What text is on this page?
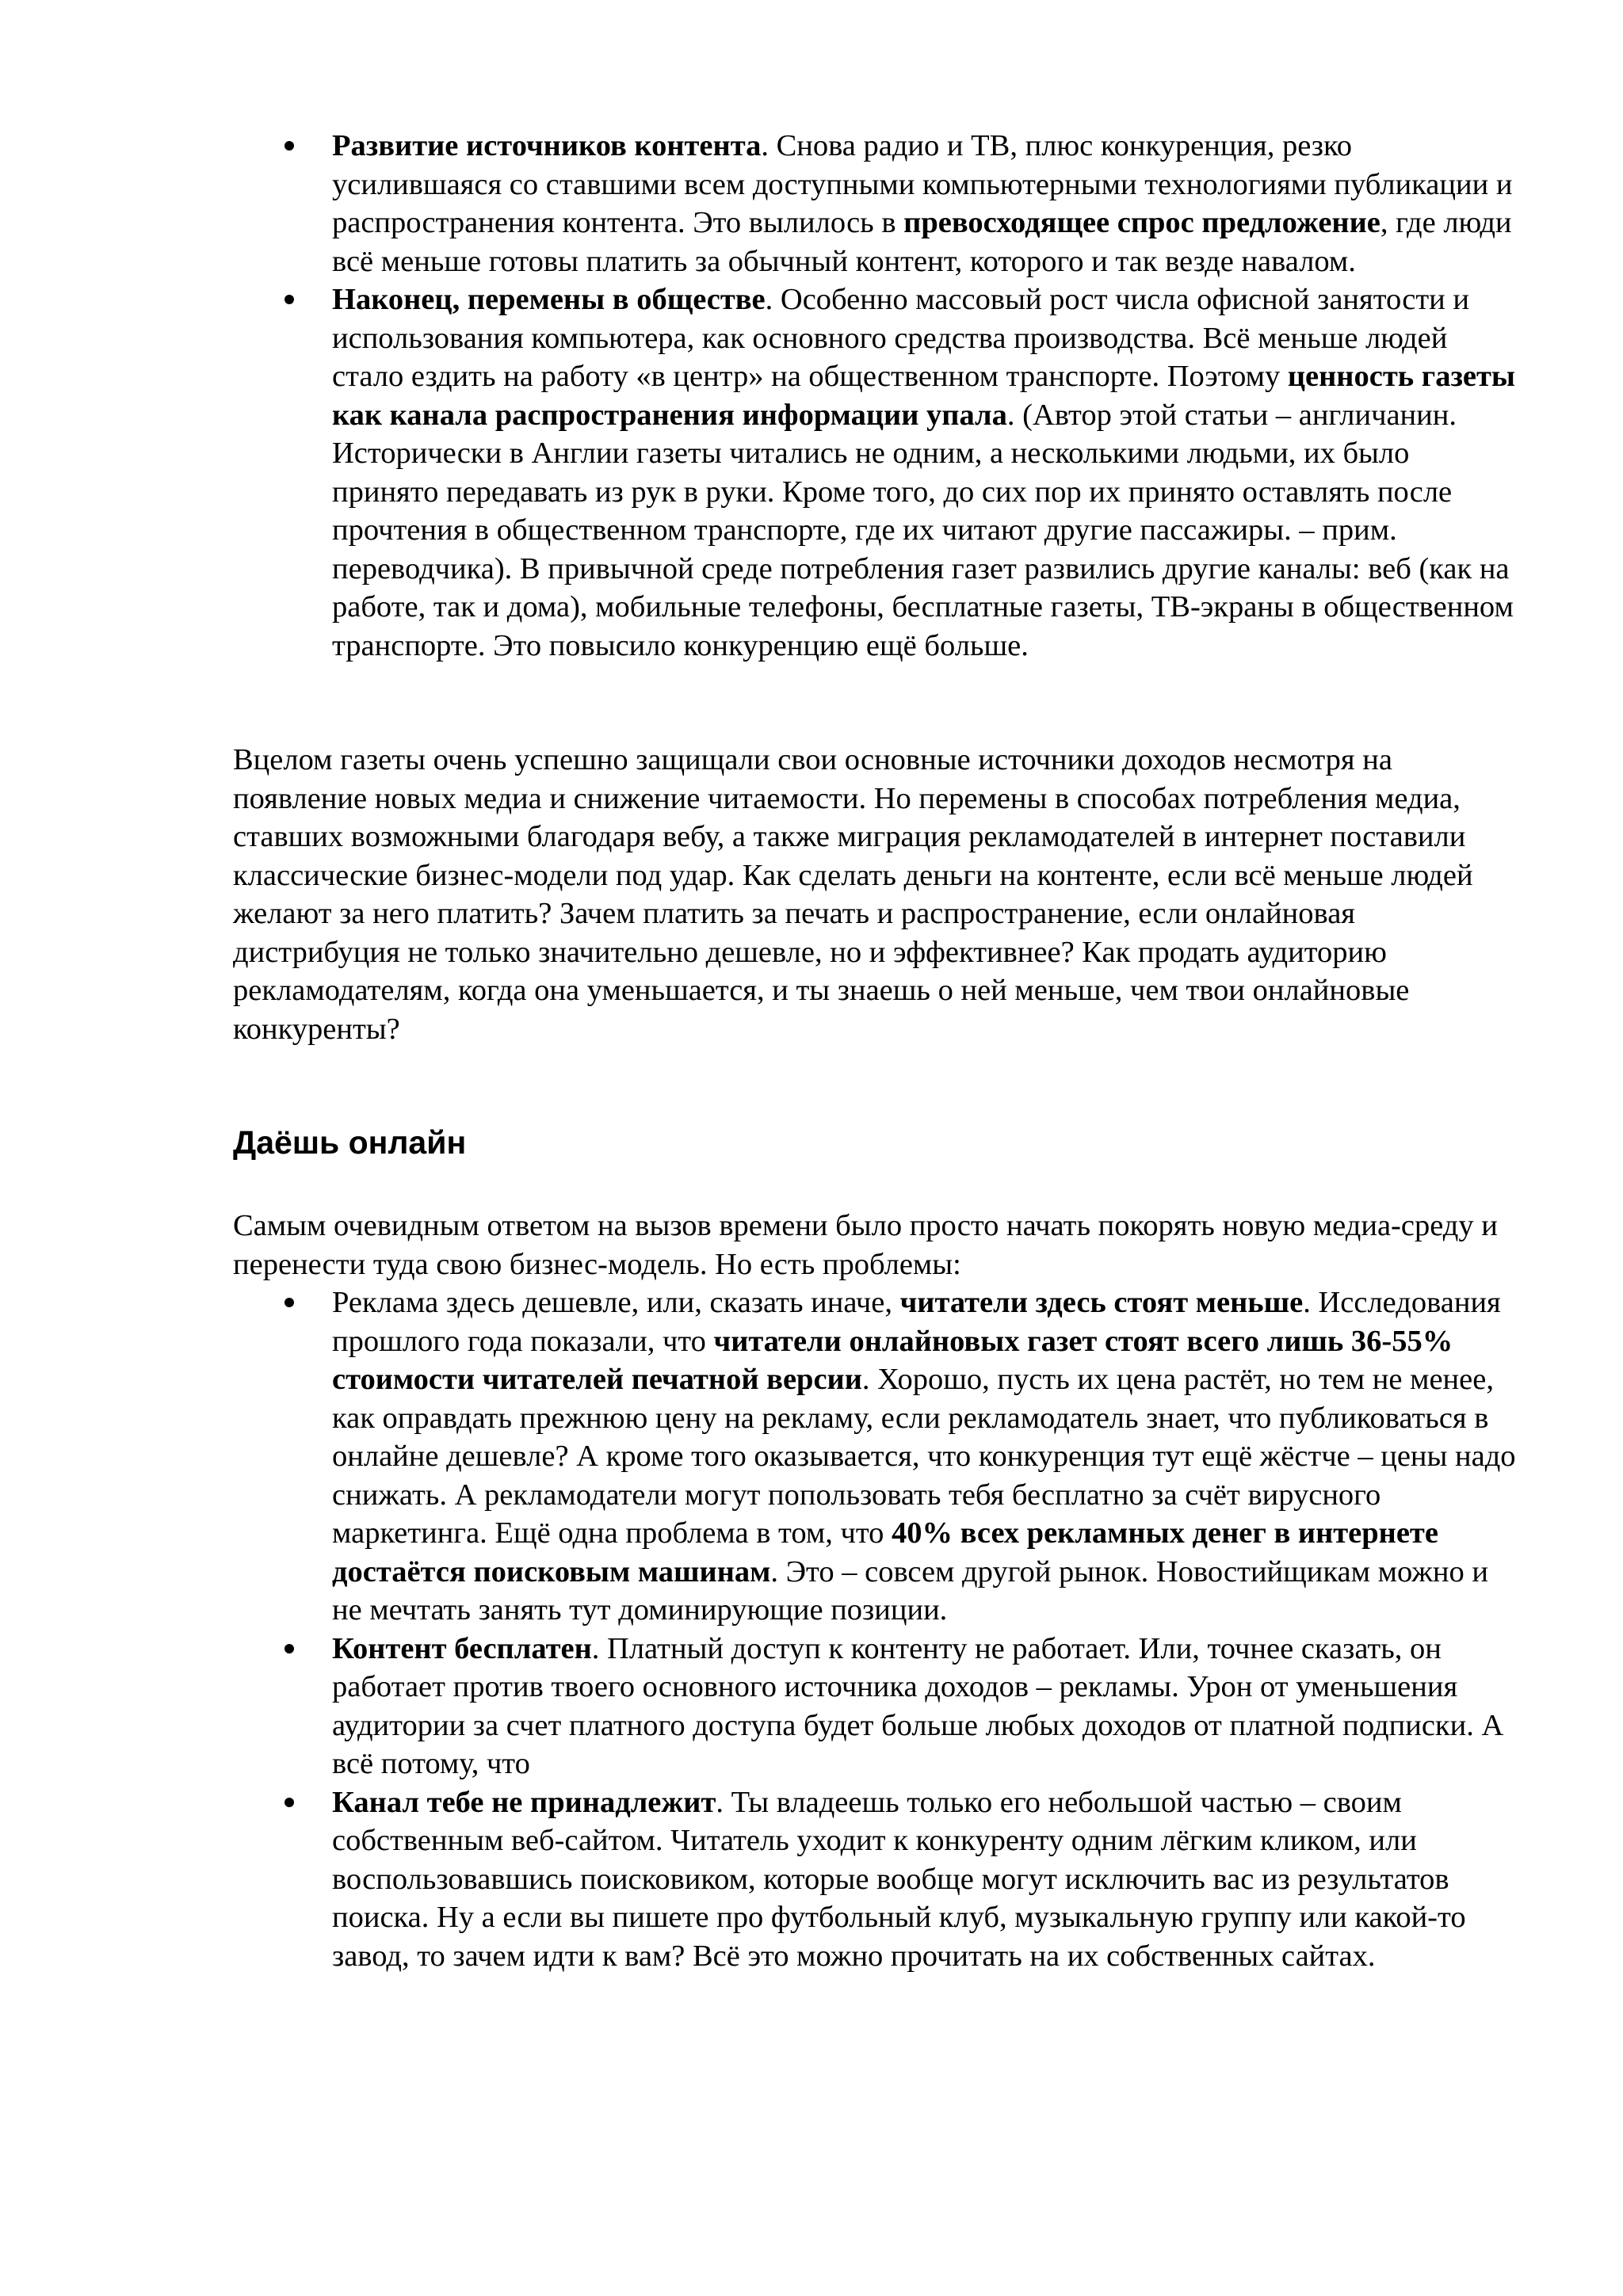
Развитие источников контента. Снова радио и ТВ, плюс конкуренция, резко усилившаяся со ставшими всем доступными компьютерными технологиями публикации и распространения контента. Это вылилось в превосходящее спрос предложение, где люди всё меньше готовы платить за обычный контент, которого и так везде навалом.
Наконец, перемены в обществе. Особенно массовый рост числа офисной занятости и использования компьютера, как основного средства производства. Всё меньше людей стало ездить на работу «в центр» на общественном транспорте. Поэтому ценность газеты как канала распространения информации упала. (Автор этой статьи – англичанин. Исторически в Англии газеты читались не одним, а несколькими людьми, их было принято передавать из рук в руки. Кроме того, до сих пор их принято оставлять после прочтения в общественном транспорте, где их читают другие пассажиры. – прим. переводчика). В привычной среде потребления газет развились другие каналы: веб (как на работе, так и дома), мобильные телефоны, бесплатные газеты, ТВ-экраны в общественном транспорте. Это повысило конкуренцию ещё больше.

Вцелом газеты очень успешно защищали свои основные источники доходов несмотря на появление новых медиа и снижение читаемости. Но перемены в способах потребления медиа, ставших возможными благодаря вебу, а также миграция рекламодателей в интернет поставили классические бизнес-модели под удар. Как сделать деньги на контенте, если всё меньше людей желают за него платить? Зачем платить за печать и распространение, если онлайновая дистрибуция не только значительно дешевле, но и эффективнее? Как продать аудиторию рекламодателям, когда она уменьшается, и ты знаешь о ней меньше, чем твои онлайновые конкуренты?

Даёшь онлайн

Самым очевидным ответом на вызов времени было просто начать покорять новую медиа-среду и перенести туда свою бизнес-модель. Но есть проблемы:

Реклама здесь дешевле, или, сказать иначе, читатели здесь стоят меньше. Исследования прошлого года показали, что читатели онлайновых газет стоят всего лишь 36-55% стоимости читателей печатной версии. Хорошо, пусть их цена растёт, но тем не менее, как оправдать прежнюю цену на рекламу, если рекламодатель знает, что публиковаться в онлайне дешевле? А кроме того оказывается, что конкуренция тут ещё жёстче – цены надо снижать. А рекламодатели могут попользовать тебя бесплатно за счёт вирусного маркетинга. Ещё одна проблема в том, что 40% всех рекламных денег в интернете достаётся поисковым машинам. Это – совсем другой рынок. Новостийщикам можно и не мечтать занять тут доминирующие позиции.
Контент бесплатен. Платный доступ к контенту не работает. Или, точнее сказать, он работает против твоего основного источника доходов – рекламы. Урон от уменьшения аудитории за счет платного доступа будет больше любых доходов от платной подписки. А всё потому, что
Канал тебе не принадлежит. Ты владеешь только его небольшой частью – своим собственным веб-сайтом. Читатель уходит к конкуренту одним лёгким кликом, или воспользовавшись поисковиком, которые вообще могут исключить вас из результатов поиска. Ну а если вы пишете про футбольный клуб, музыкальную группу или какой-то завод, то зачем идти к вам? Всё это можно прочитать на их собственных сайтах.
